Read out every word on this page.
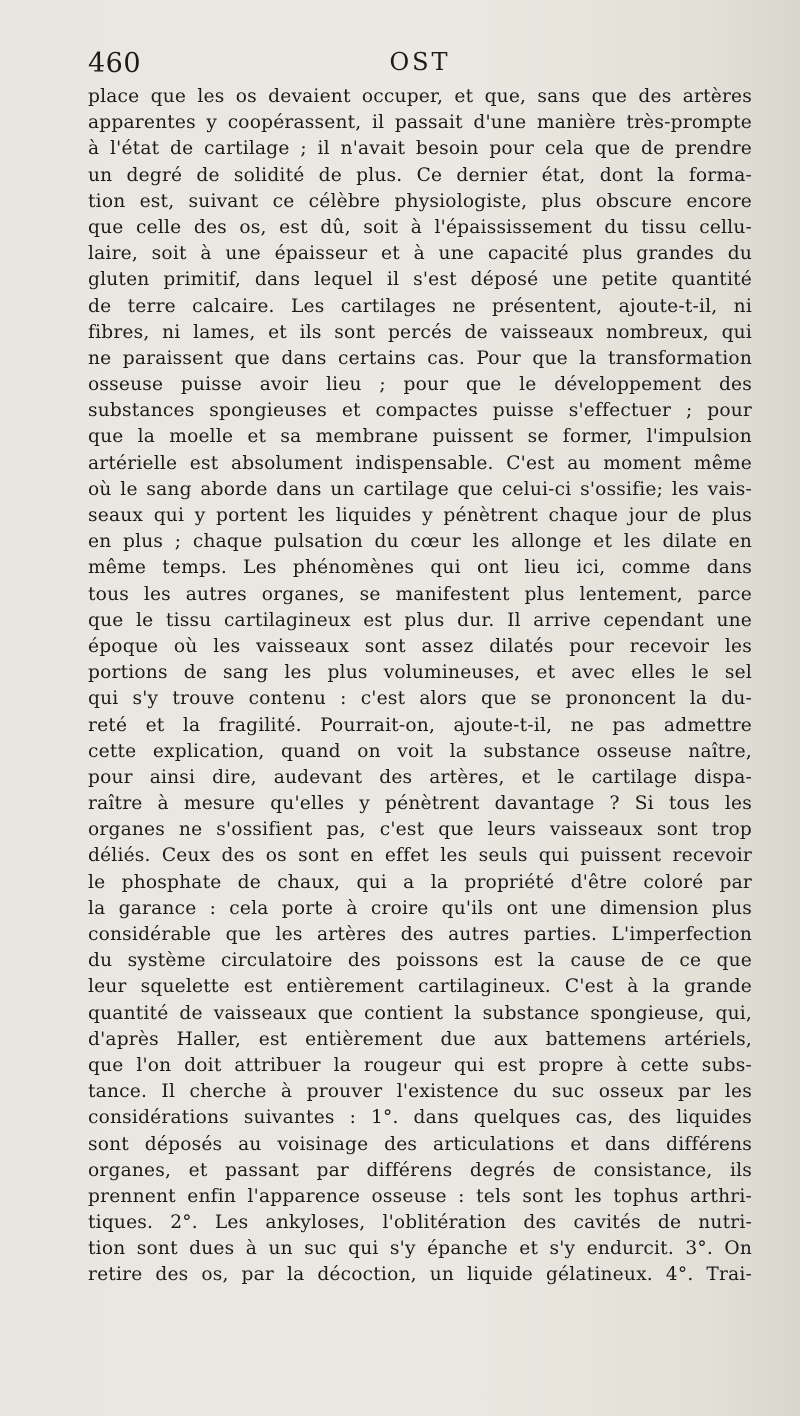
460	OST
place que les os devaient occuper, et que, sans que des artères
apparentes y coopérassent, il passait d'une manière très-prompte
à l'état de cartilage ; il n'avait besoin pour cela que de prendre
un degré de solidité de plus. Ce dernier état, dont la forma-
tion est, suivant ce célèbre physiologiste, plus obscure encore
que celle des os, est dû, soit à l'épaississement du tissu cellu-
laire, soit à une épaisseur et à une capacité plus grandes du
gluten primitif, dans lequel il s'est déposé une petite quantité
de terre calcaire. Les cartilages ne présentent, ajoute-t-il, ni
fibres, ni lames, et ils sont percés de vaisseaux nombreux, qui
ne paraissent que dans certains cas. Pour que la transformation
osseuse puisse avoir lieu ; pour que le développement des
substances spongieuses et compactes puisse s'effectuer ; pour
que la moelle et sa membrane puissent se former, l'impulsion
artérielle est absolument indispensable. C'est au moment même
où le sang aborde dans un cartilage que celui-ci s'ossifie; les vais-
seaux qui y portent les liquides y pénètrent chaque jour de plus
en plus ; chaque pulsation du cœur les allonge et les dilate en
même temps. Les phénomènes qui ont lieu ici, comme dans
tous les autres organes, se manifestent plus lentement, parce
que le tissu cartilagineux est plus dur. Il arrive cependant une
époque où les vaisseaux sont assez dilatés pour recevoir les
portions de sang les plus volumineuses, et avec elles le sel
qui s'y trouve contenu : c'est alors que se prononcent la du-
reté et la fragilité. Pourrait-on, ajoute-t-il, ne pas admettre
cette explication, quand on voit la substance osseuse naître,
pour ainsi dire, audevant des artères, et le cartilage dispa-
raître à mesure qu'elles y pénètrent davantage ? Si tous les
organes ne s'ossifient pas, c'est que leurs vaisseaux sont trop
déliés. Ceux des os sont en effet les seuls qui puissent recevoir
le phosphate de chaux, qui a la propriété d'être coloré par
la garance : cela porte à croire qu'ils ont une dimension plus
considérable que les artères des autres parties. L'imperfection
du système circulatoire des poissons est la cause de ce que
leur squelette est entièrement cartilagineux. C'est à la grande
quantité de vaisseaux que contient la substance spongieuse, qui,
d'après Haller, est entièrement due aux battemens artériels,
que l'on doit attribuer la rougeur qui est propre à cette subs-
tance. Il cherche à prouver l'existence du suc osseux par les
considérations suivantes : 1°. dans quelques cas, des liquides
sont déposés au voisinage des articulations et dans différens
organes, et passant par différens degrés de consistance, ils
prennent enfin l'apparence osseuse : tels sont les tophus arthri-
tiques. 2°. Les ankyloses, l'oblitération des cavités de nutri-
tion sont dues à un suc qui s'y épanche et s'y endurcit. 3°. On
retire des os, par la décoction, un liquide gélatineux. 4°. Trai-
